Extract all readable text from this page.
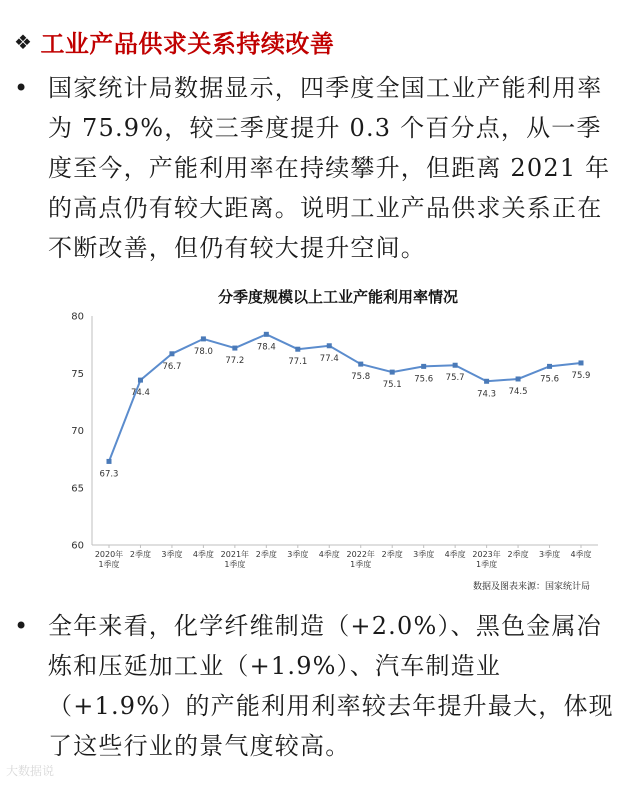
❖ 工业产品供求关系持续改善
• 国家统计局数据显示，四季度全国工业产能利用率为 75.9%，较三季度提升 0.3 个百分点，从一季度至今，产能利用率在持续攀升，但距离 2021 年的高点仍有较大距离。说明工业产品供求关系正在不断改善，但仍有较大提升空间。
分季度规模以上工业产能利用率情况
60
65
70
75
80
2020年
1季度
2季度 3季度 4季度 2021年
1季度
2季度 3季度 4季度 2022年
1季度
2季度 3季度 4季度 2023年
1季度
2季度 3季度 4季度
67.3
74.4
76.7
78.0
77.2
78.4
77.1 77.4
75.8
75.1
75.6 75.7
74.3 74.5
75.6 75.9
数据及图表来源：国家统计局
• 全年来看，化学纤维制造（+2.0%）、黑色金属冶炼和压延加工业（+1.9%）、汽车制造业（+1.9%）的产能利用利率较去年提升最大，体现了这些行业的景气度较高。
大数据说
